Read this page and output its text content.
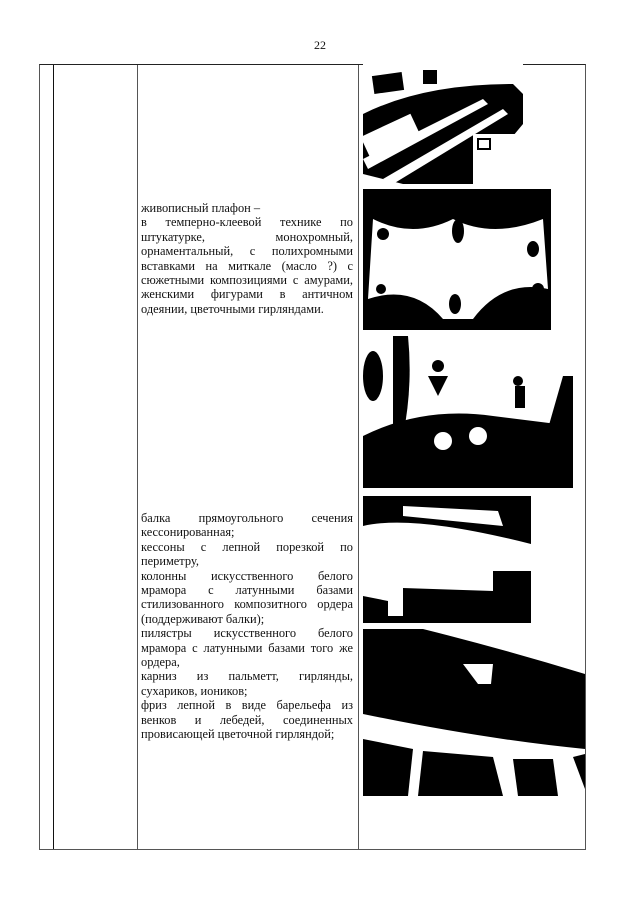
22

живописный плафон –

в темперно-клеевой технике по штукатурке, монохромный, орнаментальный, с полихромными вставками на миткале (масло ?) с сюжетными композициями с амурами, женскими фигурами в античном одеянии, цветочными гирляндами.

балка прямоугольного сечения кессонированная;

кессоны с лепной порезкой по периметру,

колонны искусственного белого мрамора с латунными базами стилизованного композитного ордера (поддерживают балки);

пилястры искусственного белого мрамора с латунными базами того же ордера,

карниз из пальметт, гирлянды, сухариков, иоников;

фриз лепной в виде барельефа из венков и лебедей, соединенных провисающей цветочной гирляндой;
